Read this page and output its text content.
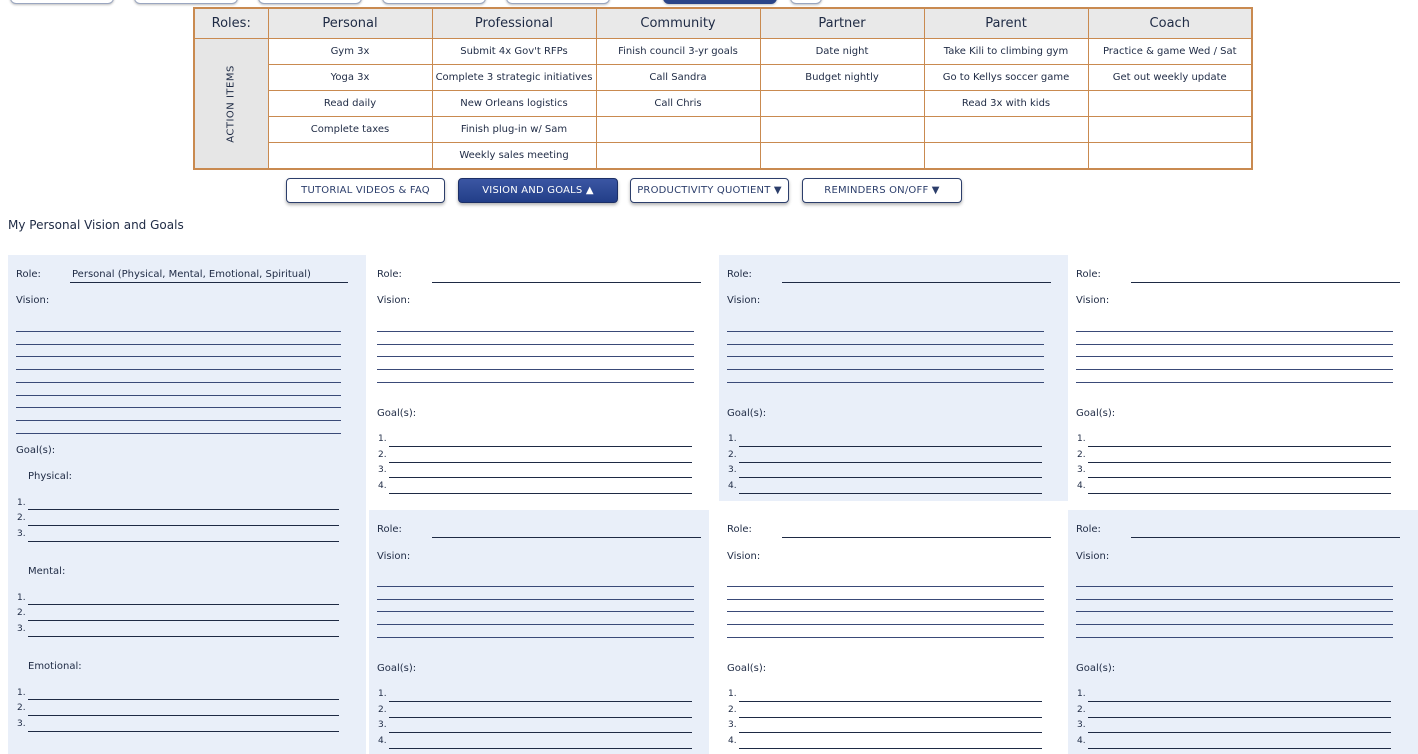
Roles:	Personal	Professional	Community	Partner	Parent	Coach

ACTION ITEMS	Gym 3x	Submit 4x Gov't RFPs	Finish council 3-yr goals	Date night	Take Kili to climbing gym	Practice & game Wed / Sat
	Yoga 3x	Complete 3 strategic initiatives	Call Sandra	Budget nightly	Go to Kellys soccer game	Get out weekly update
	Read daily	New Orleans logistics	Call Chris		Read 3x with kids	
	Complete taxes	Finish plug-in w/ Sam				
		Weekly sales meeting				
TUTORIAL VIDEOS & FAQ	VISION AND GOALS ▲	PRODUCTIVITY QUOTIENT ▼	REMINDERS ON/OFF ▼
My Personal Vision and Goals
Role:	Personal (Physical, Mental, Emotional, Spiritual)
Vision:
Goal(s):
Physical:
1.
2.
3.
Mental:
1.
2.
3.
Emotional:
1.
2.
3.
Role:
Vision:
Goal(s):
1.
2.
3.
4.
Role:
Vision:
Goal(s):
1.
2.
3.
4.
Role:
Vision:
Goal(s):
1.
2.
3.
4.
Role:
Vision:
Goal(s):
1.
2.
3.
4.
Role:
Vision:
Goal(s):
1.
2.
3.
4.
Role:
Vision:
Goal(s):
1.
2.
3.
4.
